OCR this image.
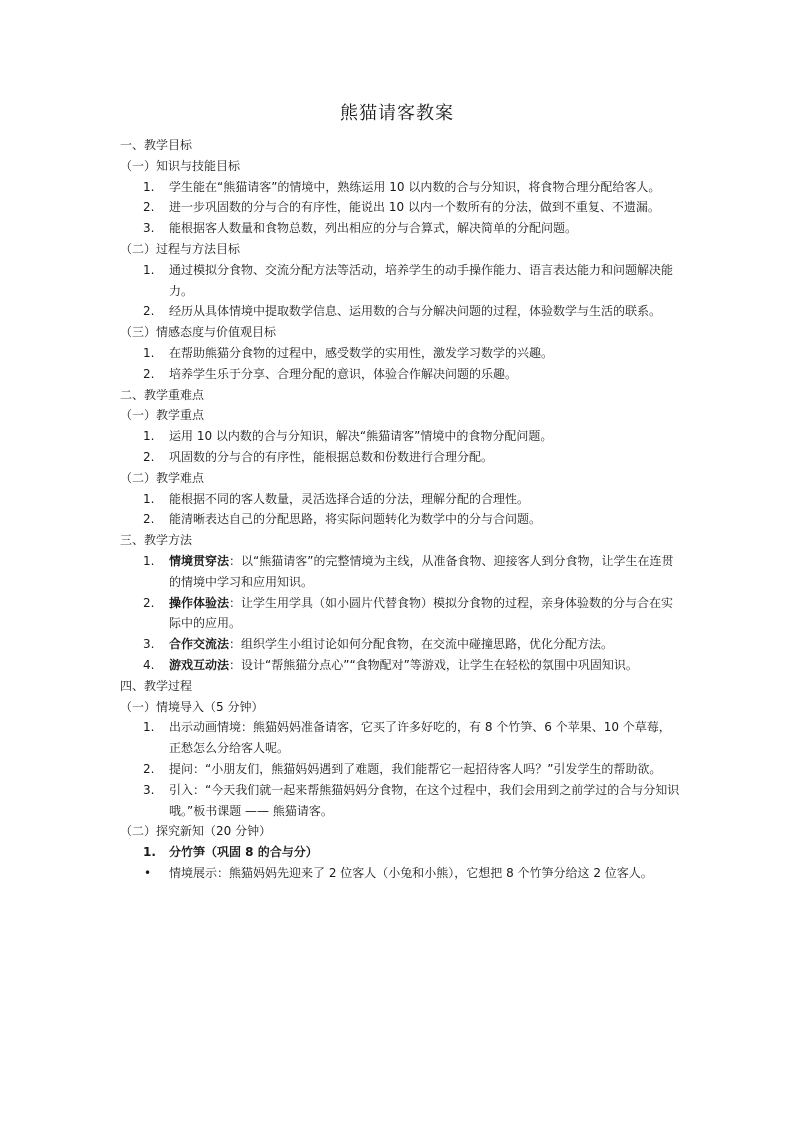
熊猫请客教案
一、教学目标
（一）知识与技能目标
1.	学生能在“熊猫请客”的情境中，熟练运用 10 以内数的合与分知识，将食物合理分配给客人。
2.	进一步巩固数的分与合的有序性，能说出 10 以内一个数所有的分法，做到不重复、不遗漏。
3.	能根据客人数量和食物总数，列出相应的分与合算式，解决简单的分配问题。
（二）过程与方法目标
1.	通过模拟分食物、交流分配方法等活动，培养学生的动手操作能力、语言表达能力和问题解决能力。
2.	经历从具体情境中提取数学信息、运用数的合与分解决问题的过程，体验数学与生活的联系。
（三）情感态度与价值观目标
1.	在帮助熊猫分食物的过程中，感受数学的实用性，激发学习数学的兴趣。
2.	培养学生乐于分享、合理分配的意识，体验合作解决问题的乐趣。
二、教学重难点
（一）教学重点
1.	运用 10 以内数的合与分知识，解决“熊猫请客”情境中的食物分配问题。
2.	巩固数的分与合的有序性，能根据总数和份数进行合理分配。
（二）教学难点
1.	能根据不同的客人数量，灵活选择合适的分法，理解分配的合理性。
2.	能清晰表达自己的分配思路，将实际问题转化为数学中的分与合问题。
三、教学方法
1.	情境贯穿法：以“熊猫请客”的完整情境为主线，从准备食物、迎接客人到分食物，让学生在连贯的情境中学习和应用知识。
2.	操作体验法：让学生用学具（如小圆片代替食物）模拟分食物的过程，亲身体验数的分与合在实际中的应用。
3.	合作交流法：组织学生小组讨论如何分配食物，在交流中碰撞思路，优化分配方法。
4.	游戏互动法：设计“帮熊猫分点心”“食物配对”等游戏，让学生在轻松的氛围中巩固知识。
四、教学过程
（一）情境导入（5 分钟）
1.	出示动画情境：熊猫妈妈准备请客，它买了许多好吃的，有 8 个竹笋、6 个苹果、10 个草莓，正愁怎么分给客人呢。
2.	提问：“小朋友们，熊猫妈妈遇到了难题，我们能帮它一起招待客人吗？”引发学生的帮助欲。
3.	引入：“今天我们就一起来帮熊猫妈妈分食物，在这个过程中，我们会用到之前学过的合与分知识哦。”板书课题 —— 熊猫请客。
（二）探究新知（20 分钟）
1.	分竹笋（巩固 8 的合与分）
• 情境展示：熊猫妈妈先迎来了 2 位客人（小兔和小熊），它想把 8 个竹笋分给这 2 位客人。
